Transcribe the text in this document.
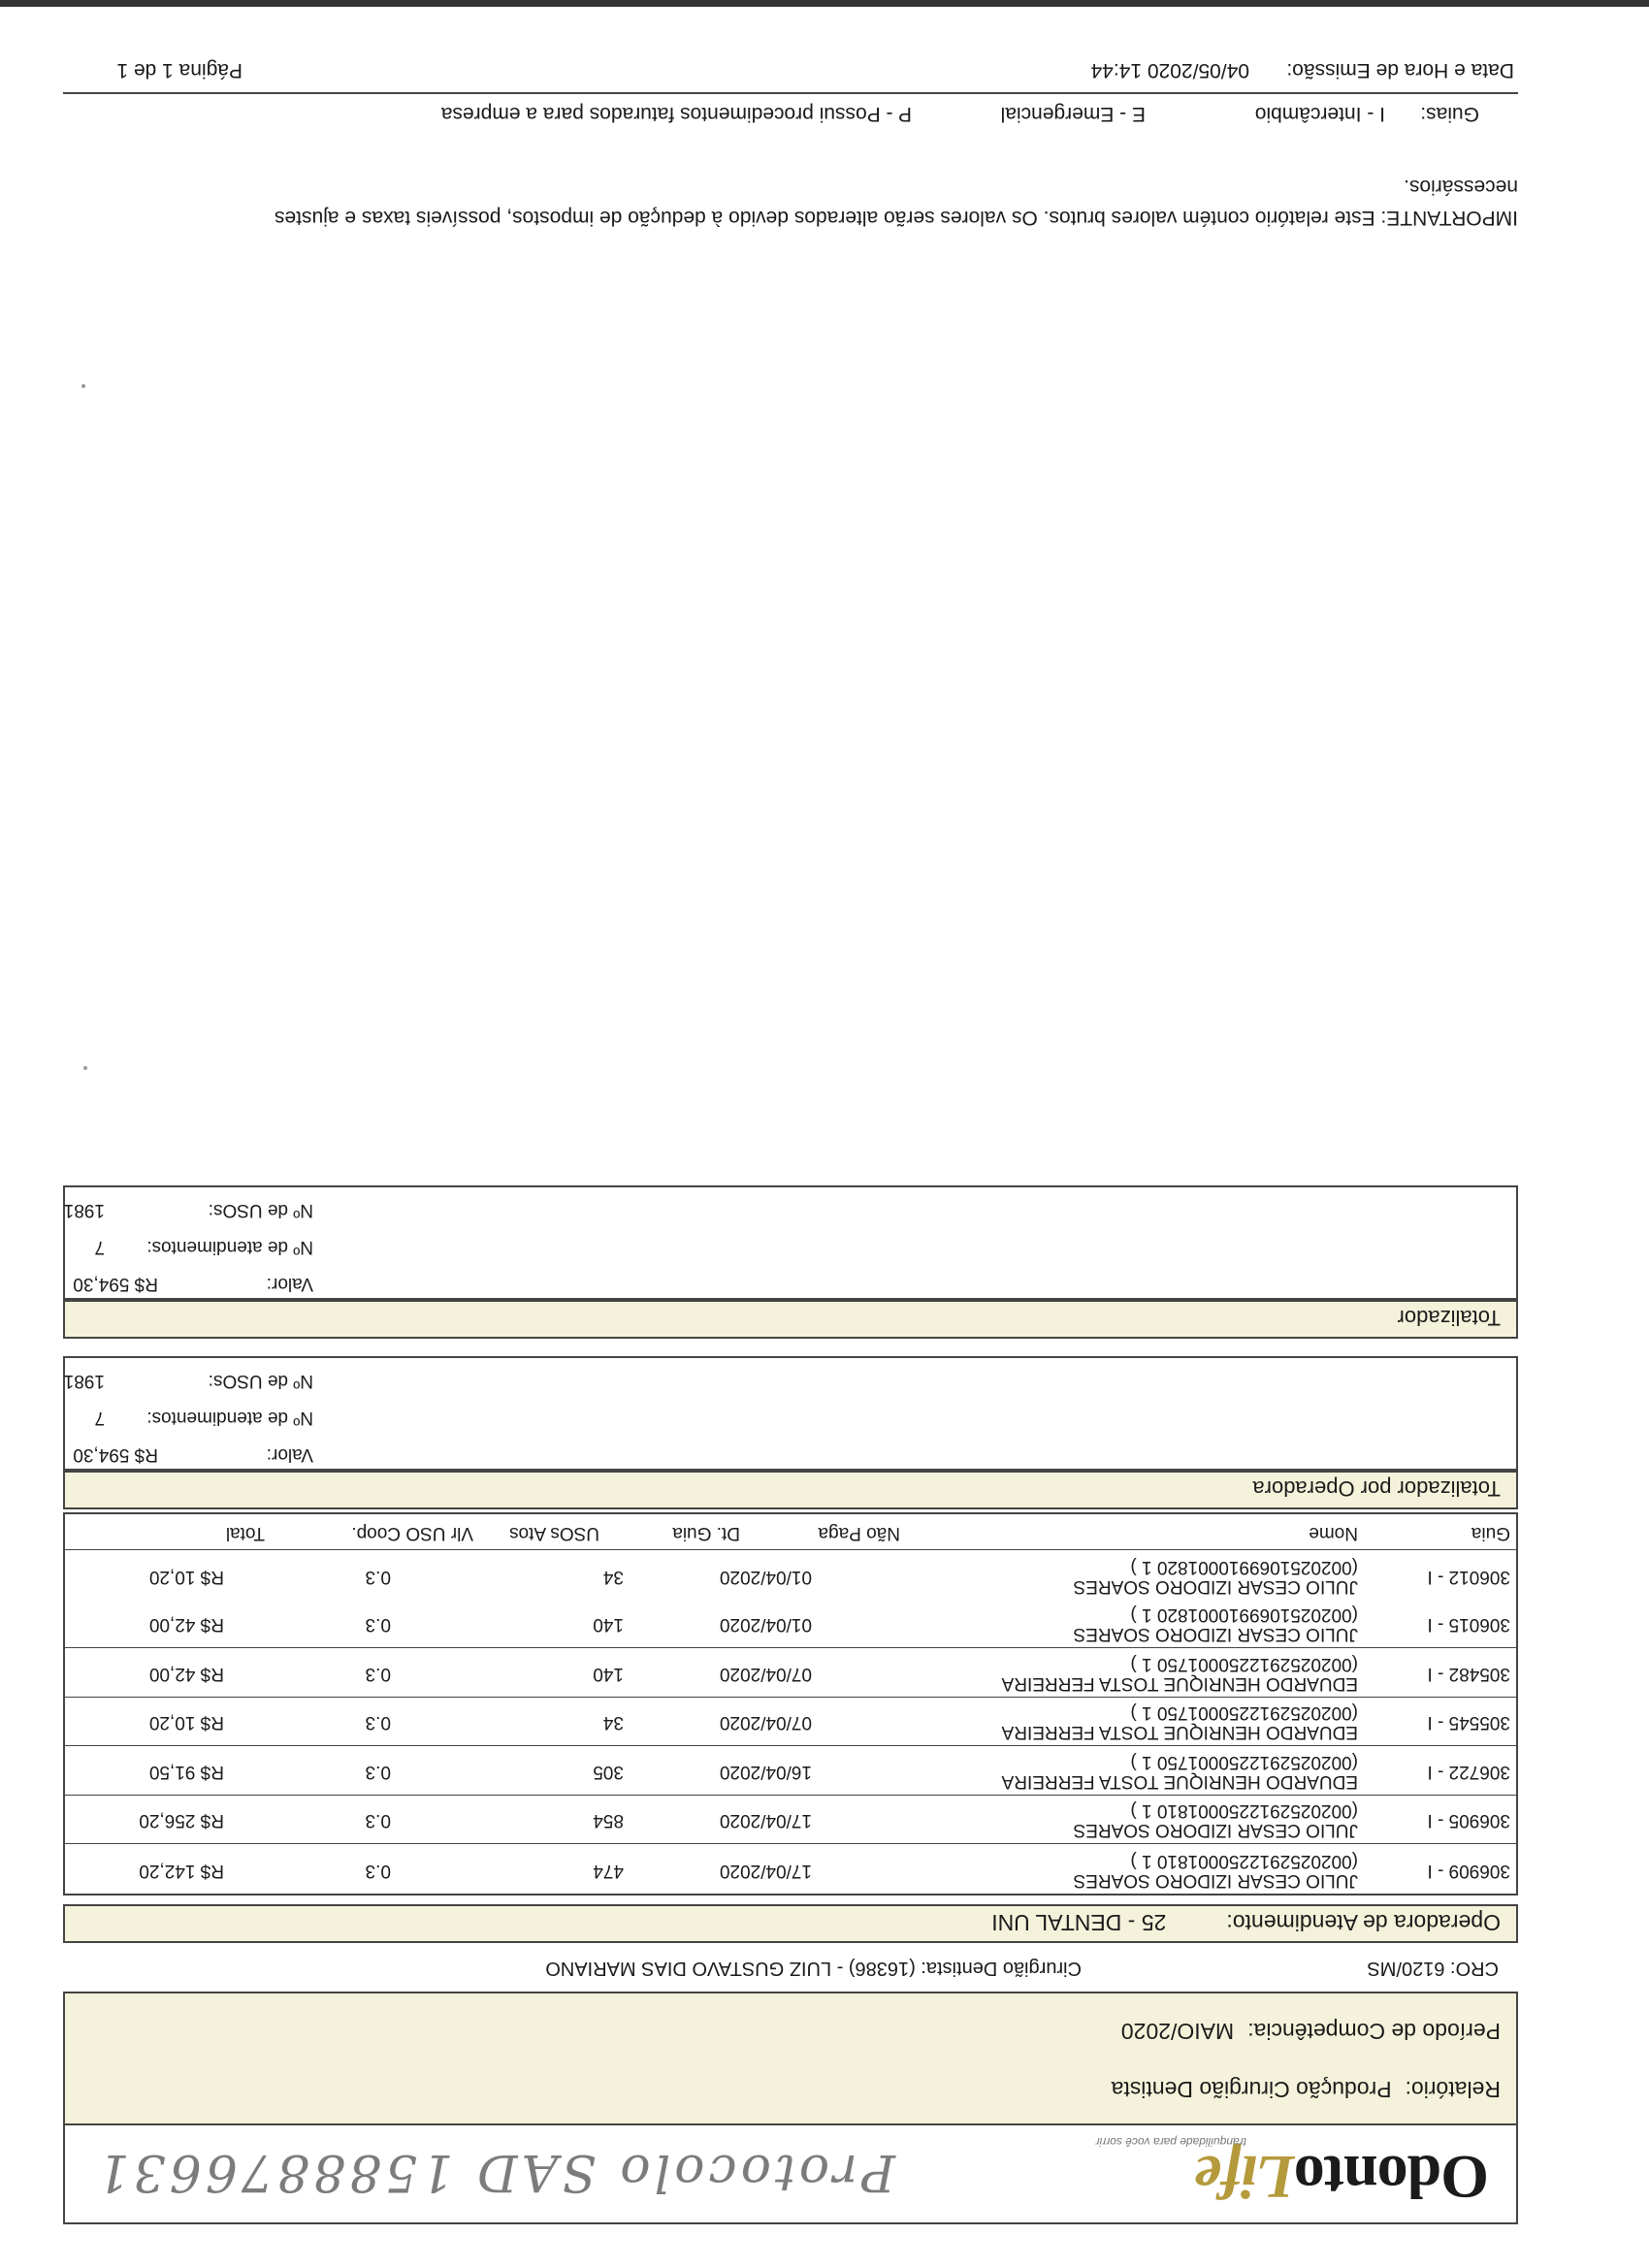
OdontoLife
tranquilidade para você sorrir
Protocolo SAD 1588876631
Relatório:Produção Cirurgião Dentista
Período de Competência:MAIO/2020
CRO: 6120/MS
Cirurgião Dentista: (16386) - LUIZ GUSTAVO DIAS MARIANO
Operadora de Atendimento:25 - DENTAL UNI
306012 - I
JULIO CESAR IZIDORO SOARES (0020251069910001820 1 )
01/04/2020
34
0.3
R$ 10,20
306015 - I
JULIO CESAR IZIDORO SOARES (0020251069910001820 1 )
01/04/2020
140
0.3
R$ 42,00
305482 - I
EDUARDO HENRIQUE TOSTA FERREIRA (0020252912250001750 1 )
07/04/2020
140
0.3
R$ 42,00
305545 - I
EDUARDO HENRIQUE TOSTA FERREIRA (0020252912250001750 1 )
07/04/2020
34
0.3
R$ 10,20
306722 - I
EDUARDO HENRIQUE TOSTA FERREIRA (0020252912250001750 1 )
16/04/2020
305
0.3
R$ 91,50
306905 - I
JULIO CESAR IZIDORO SOARES (0020252912250001810 1 )
17/04/2020
854
0.3
R$ 256,20
306909 - I
JULIO CESAR IZIDORO SOARES (0020252912250001810 1 )
17/04/2020
474
0.3
R$ 142,20
Guia
Nome
Não Paga
Dt. Guia
USOs Atos
Vlr USO Coop.
Total
Totalizador por Operadora
Nº de USOs:
Nº de atendimentos:
Valor:
1981
7
R$ 594,30
Totalizador
Nº de USOs:
Nº de atendimentos:
Valor:
1981
7
R$ 594,30
IMPORTANTE: Este relatório contém valores brutos. Os valores serão alterados devido à dedução de impostos, possíveis taxas e ajustes
necessários.
Guias:
I - Intercâmbio
E - Emergencial
P - Possui procedimentos faturados para a empresa
Data e Hora de Emissão:
04/05/2020 14:44
Página 1 de 1
